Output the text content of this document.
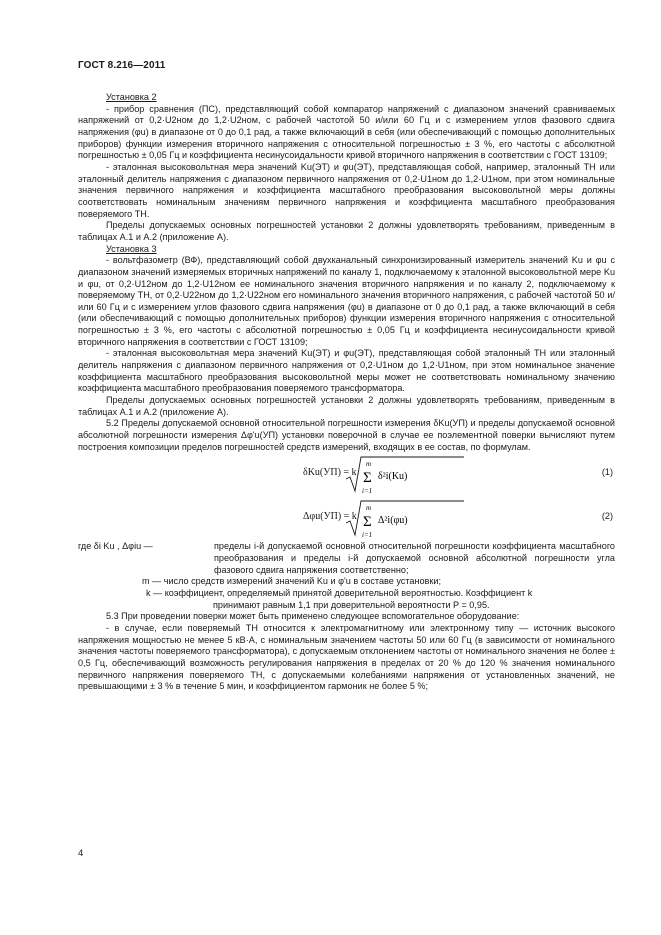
ГОСТ 8.216—2011

Установка 2

- прибор сравнения (ПС), представляющий собой компаратор напряжений с диапазоном значений сравниваемых напряжений от 0,2·U2ном до 1,2·U2ном, с рабочей частотой 50 и/или 60 Гц и с измерением углов фазового сдвига напряжения (φu) в диапазоне от 0 до 0,1 рад, а также включающий в себя (или обеспечивающий с помощью дополнительных приборов) функции измерения вторичного напряжения с относительной погрешностью ± 3 %, его частоты с абсолютной погрешностью ± 0,05 Гц и коэффициента несинусоидальности кривой вторичного напряжения в соответствии с ГОСТ 13109;

- эталонная высоковольтная мера значений Ku(ЭТ) и φu(ЭТ), представляющая собой, например, эталонный ТН или эталонный делитель напряжения с диапазоном первичного напряжения от 0,2·U1ном до 1,2·U1ном, при этом номинальные значения первичного напряжения и коэффициента масштабного преобразования высоковольтной меры должны соответствовать номинальным значениям первичного напряжения и коэффициента масштабного преобразования поверяемого ТН.

Пределы допускаемых основных погрешностей установки 2 должны удовлетворять требованиям, приведенным в таблицах А.1 и А.2 (приложение А).

Установка 3

- вольтфазометр (ВФ), представляющий собой двухканальный синхронизированный измеритель значений Ku и φu с диапазоном значений измеряемых вторичных напряжений по каналу 1, подключаемому к эталонной высоковольтной мере Ku и φu, от 0,2·U12ном до 1,2·U12ном ее номинального значения вторичного напряжения и по каналу 2, подключаемому к поверяемому ТН, от 0,2·U22ном до 1,2·U22ном его номинального значения вторичного напряжения, с рабочей частотой 50 и/или 60 Гц и с измерением углов фазового сдвига напряжения (φu) в диапазоне от 0 до 0,1 рад, а также включающий в себя (или обеспечивающий с помощью дополнительных приборов) функции измерения вторичного напряжения с относительной погрешностью ± 3 %, его частоты с абсолютной погрешностью ± 0,05 Гц и коэффициента несинусоидальности кривой вторичного напряжения в соответствии с ГОСТ 13109;

- эталонная высоковольтная мера значений Ku(ЭТ) и φu(ЭТ), представляющая собой эталонный ТН или эталонный делитель напряжения с диапазоном первичного напряжения от 0,2·U1ном до 1,2·U1ном, при этом номинальное значение коэффициента масштабного преобразования высоковольтной меры может не соответствовать номинальному значению коэффициента масштабного преобразования поверяемого трансформатора.

Пределы допускаемых основных погрешностей установки 2 должны удовлетворять требованиям, приведенным в таблицах А.1 и А.2 (приложение А).

5.2 Пределы допускаемой основной относительной погрешности измерения δKu(УП) и пределы допускаемой основной абсолютной погрешности измерения Δφ'u(УП) установки поверочной в случае ее поэлементной поверки вычисляют путем построения композиции пределов погрешностей средств измерений, входящих в ее состав, по формулам.

δKu(УП) = k
m
Σ
i=1
δ²i(Ku)	(1)
Δφu(УП) = k
m
Σ
i=1
Δ²i(φu)	(2)
где δi Ku , Δφiu —	пределы i-й допускаемой основной относительной погрешности коэффициента масштабного преобразования и пределы i-й допускаемой основной абсолютной погрешности угла фазового сдвига напряжения соответственно;

m — число средств измерений значений Ku и φ'u в составе установки;

k — коэффициент, определяемый принятой доверительной вероятностью. Коэффициент k

принимают равным 1,1 при доверительной вероятности P = 0,95.

5.3 При проведении поверки может быть применено следующее вспомогательное оборудование:

- в случае, если поверяемый ТН относится к электромагнитному или электронному типу — источник высокого напряжения мощностью не менее 5 кВ·А, с номинальным значением частоты 50 или 60 Гц (в зависимости от номинального значения частоты поверяемого трансформатора), с допускаемым отклонением частоты от номинального значения не более ± 0,5 Гц, обеспечивающий возможность регулирования напряжения в пределах от 20 % до 120 % значения номинального первичного напряжения поверяемого ТН, с допускаемыми колебаниями напряжения от установленных значений, не превышающими ± 3 % в течение 5 мин, и коэффициентом гармоник не более 5 %;

4
